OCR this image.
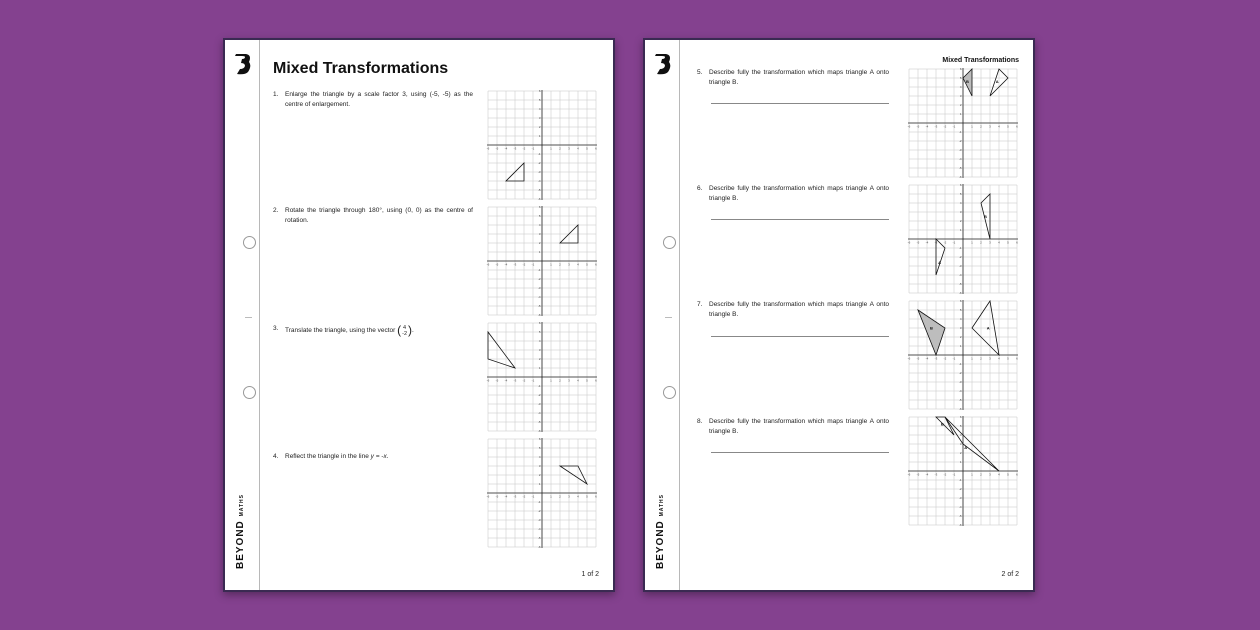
BEYOND MATHS
Mixed Transformations
1. Enlarge the triangle by a scale factor 3, using (-5, -5) as the centre of enlargement.
2. Rotate the triangle through 180°, using (0, 0) as the centre of rotation.
3. Translate the triangle, using the vector ( 4
-2).
4. Reflect the triangle in the line y = -x.
-6
-6
-5
-5
-4
-4
-3
-3
-2
-2
-1
-1
1
1
2
2
3
3
4
4
5
5
6
6
-6
-6
-5
-5
-4
-4
-3
-3
-2
-2
-1
-1
1
1
2
2
3
3
4
4
5
5
6
6
-6
-6
-5
-5
-4
-4
-3
-3
-2
-2
-1
-1
1
1
2
2
3
3
4
4
5
5
6
6
-6
-6
-5
-5
-4
-4
-3
-3
-2
-2
-1
-1
1
1
2
2
3
3
4
4
5
5
6
6
1 of 2
BEYOND MATHS
Mixed Transformations
5. Describe fully the transformation which maps triangle A onto triangle B.
6. Describe fully the transformation which maps triangle A onto triangle B.
7. Describe fully the transformation which maps triangle A onto triangle B.
8. Describe fully the transformation which maps triangle A onto triangle B.
-6
-6
-5
-5
-4
-4
-3
-3
-2
-2
-1
-1
1
1
2
2
3
3
4
4
5
5
6
6
B	A
-6
-6
-5
-5
-4
-4
-3
-3
-2
-2
-1
-1
1
1
2
2
3
3
4
4
5
5
6
6
B
A
-6
-6
-5
-5
-4
-4
-3
-3
-2
-2
-1
-1
1
1
2
2
3
3
4
4
5
5
6
6
B	A
-6
-6
-5
-5
-4
-4
-3
-3
-2
-2
-1
-1
1
1
2
2
3
3
4
4
5
5
6
6
B
A
2 of 2
